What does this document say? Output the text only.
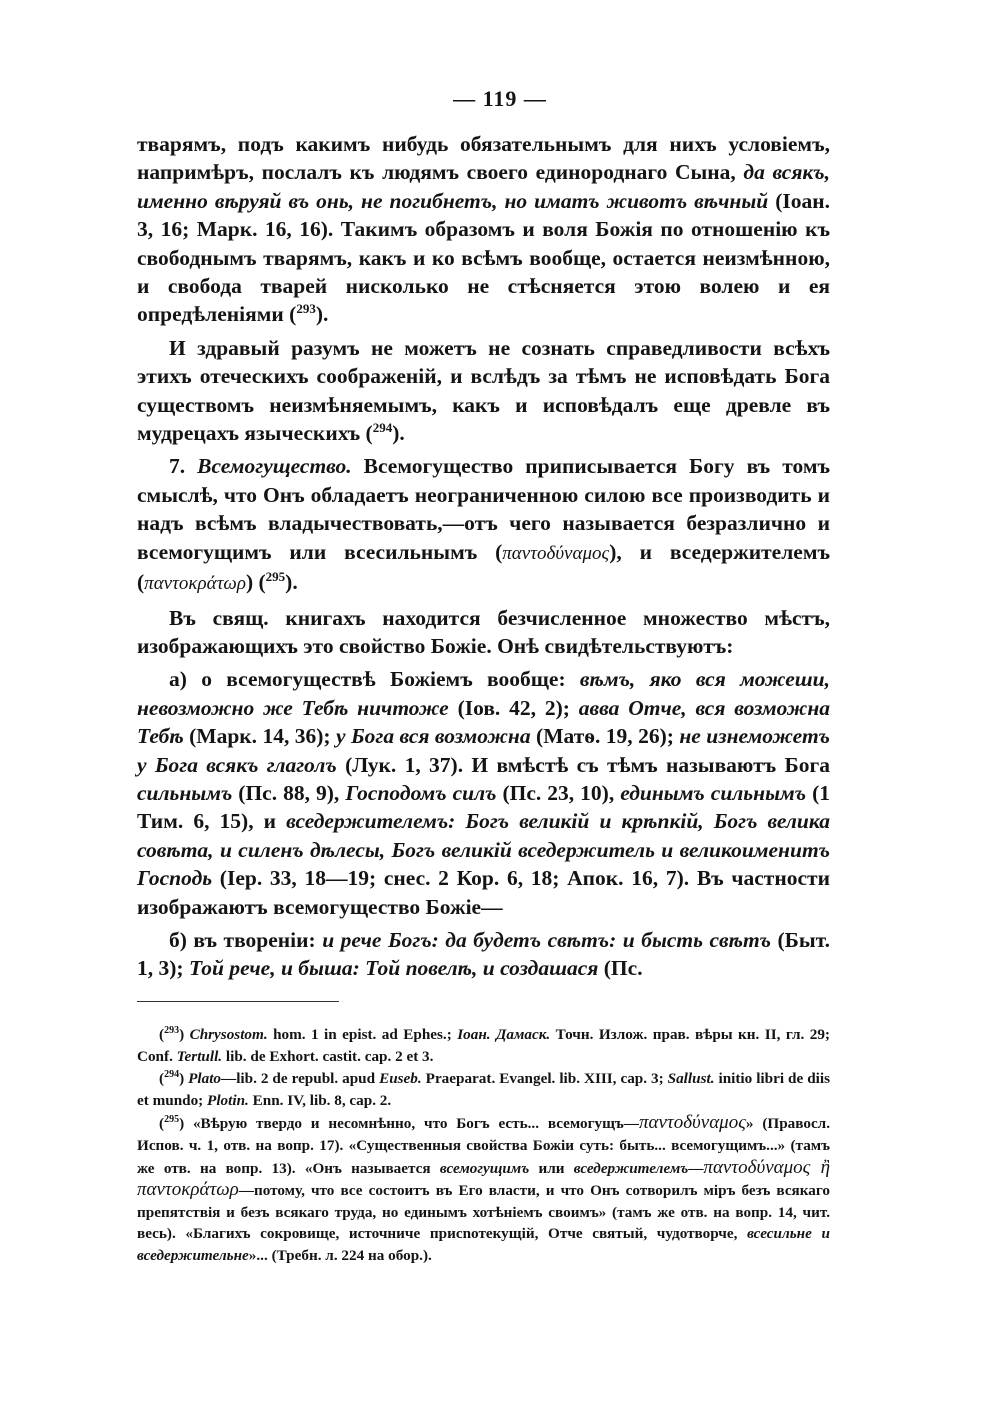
— 119 —

тварямъ, подъ какимъ нибудь обязательнымъ для нихъ условіемъ, напримѣръ, послалъ къ людямъ своего единороднаго Сына, да всякъ, именно вѣруяй въ онь, не погибнетъ, но иматъ животъ вѣчный (Іоан. 3, 16; Марк. 16, 16). Такимъ образомъ и воля Божія по отношенію къ свободнымъ тварямъ, какъ и ко всѣмъ вообще, остается неизмѣнною, и свобода тварей нисколько не стѣсняется этою волею и ея опредѣленіями ($^{293}$).

И здравый разумъ не можетъ не сознать справедливости всѣхъ этихъ отеческихъ соображеній, и вслѣдъ за тѣмъ не исповѣдать Бога существомъ неизмѣняемымъ, какъ и исповѣдалъ еще древле въ мудрецахъ языческихъ ($^{294}$).

7. Всемогущество. Всемогущество приписывается Богу въ томъ смыслѣ, что Онъ обладаетъ неограниченною силою все производить и надъ всѣмъ владычествовать,—отъ чего называется безразлично и всемогущимъ или всесильнымъ (παντοδύναμος), и вседержителемъ (παντοκράτωρ) ($^{295}$).

Въ свящ. книгахъ находится безчисленное множество мѣстъ, изображающихъ это свойство Божіе. Онѣ свидѣтельствуютъ:

а) о всемогуществѣ Божіемъ вообще: вѣмъ, яко вся можеши, невозможно же Тебѣ ничтоже (Іов. 42, 2); авва Отче, вся возможна Тебѣ (Марк. 14, 36); у Бога вся возможна (Матѳ. 19, 26); не изнеможетъ у Бога всякъ глаголъ (Лук. 1, 37). И вмѣстѣ съ тѣмъ называютъ Бога сильнымъ (Пс. 88, 9), Господомъ силъ (Пс. 23, 10), единымъ сильнымъ (1 Тим. 6, 15), и вседержителемъ: Богъ великій и крѣпкій, Богъ велика совѣта, и силенъ дѣлесы, Богъ великій вседержитель и великоименитъ Господь (Іер. 33, 18—19; снес. 2 Кор. 6, 18; Апок. 16, 7). Въ частности изображаютъ всемогущество Божіе—

б) въ твореніи: и рече Богъ: да будетъ свѣтъ: и бысть свѣтъ (Быт. 1, 3); Той рече, и быша: Той повелѣ, и создашася (Пс.

($^{293}$) Chrysostom. hom. 1 in epist. ad Ephes.; Іоан. Дамаск. Точн. Излож. прав. вѣры кн. II, гл. 29; Conf. Tertull. lib. de Exhort. castit. cap. 2 et 3.

($^{294}$) Plato—lib. 2 de republ. apud Euseb. Praeparat. Evangel. lib. XIII, cap. 3; Sallust. initio libri de diis et mundo; Plotin. Enn. IV, lib. 8, cap. 2.

($^{295}$) «Вѣрую твердо и несомнѣнно, что Богъ есть... всемогущъ—παντοδύναμος» (Правосл. Испов. ч. 1, отв. на вопр. 17). «Существенныя свойства Божіи суть: быть... всемогущимъ...» (тамъ же отв. на вопр. 13). «Онъ называется всемогущимъ или вседержителемъ—παντοδύναμος ἢ παντοκράτωρ—потому, что все состоитъ въ Его власти, и что Онъ сотворилъ міръ безъ всякаго препятствія и безъ всякаго труда, но единымъ хотѣніемъ своимъ» (тамъ же отв. на вопр. 14, чит. весь). «Благихъ сокровище, источниче присnотекущій, Отче святый, чудотворче, всесильне и вседержительне»... (Требн. л. 224 на обор.).
